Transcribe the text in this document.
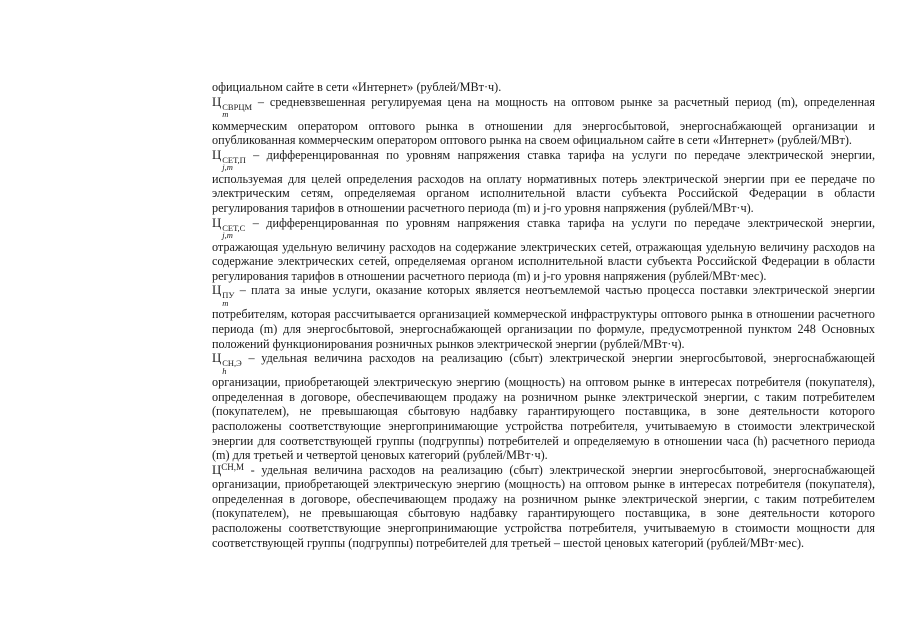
официальном сайте в сети «Интернет» (рублей/МВт·ч).

Ц СВРЦМ
m
– средневзвешенная регулируемая цена на мощность на оптовом рынке за расчетный период (m), определенная коммерческим оператором оптового рынка в отношении для энергосбытовой, энергоснабжающей организации и опубликованная коммерческим оператором оптового рынка на своем официальном сайте в сети «Интернет» (рублей/МВт).

Ц СЕТ,П
j,m
– дифференцированная по уровням напряжения ставка тарифа на услуги по передаче электрической энергии, используемая для целей определения расходов на оплату нормативных потерь электрической энергии при ее передаче по электрическим сетям, определяемая органом исполнительной власти субъекта Российской Федерации в области регулирования тарифов в отношении расчетного периода (m) и j-го уровня напряжения (рублей/МВт·ч).

Ц СЕТ,С
j,m
– дифференцированная по уровням напряжения ставка тарифа на услуги по передаче электрической энергии, отражающая удельную величину расходов на содержание электрических сетей, отражающая удельную величину расходов на содержание электрических сетей, определяемая органом исполнительной власти субъекта Российской Федерации в области регулирования тарифов в отношении расчетного периода (m) и j-го уровня напряжения (рублей/МВт·мес).

Ц ПУ
m
– плата за иные услуги, оказание которых является неотъемлемой частью процесса поставки электрической энергии потребителям, которая рассчитывается организацией коммерческой инфраструктуры оптового рынка в отношении расчетного периода (m) для энергосбытовой, энергоснабжающей организации по формуле, предусмотренной пунктом 248 Основных положений функционирования розничных рынков электрической энергии (рублей/МВт·ч).

Ц СН,Э
h
– удельная величина расходов на реализацию (сбыт) электрической энергии энергосбытовой, энергоснабжающей организации, приобретающей электрическую энергию (мощность) на оптовом рынке в интересах потребителя (покупателя), определенная в договоре, обеспечивающем продажу на розничном рынке электрической энергии, с таким потребителем (покупателем), не превышающая сбытовую надбавку гарантирующего поставщика, в зоне деятельности которого расположены соответствующие энергопринимающие устройства потребителя, учитываемую в стоимости электрической энергии для соответствующей группы (подгруппы) потребителей и определяемую в отношении часа (h) расчетного периода (m) для третьей и четвертой ценовых категорий (рублей/МВт·ч).

$Ц^{СН,М}$ - удельная величина расходов на реализацию (сбыт) электрической энергии энергосбытовой, энергоснабжающей организации, приобретающей электрическую энергию (мощность) на оптовом рынке в интересах потребителя (покупателя), определенная в договоре, обеспечивающем продажу на розничном рынке электрической энергии, с таким потребителем (покупателем), не превышающая сбытовую надбавку гарантирующего поставщика, в зоне деятельности которого расположены соответствующие энергопринимающие устройства потребителя, учитываемую в стоимости мощности для соответствующей группы (подгруппы) потребителей для третьей – шестой ценовых категорий (рублей/МВт·мес).
